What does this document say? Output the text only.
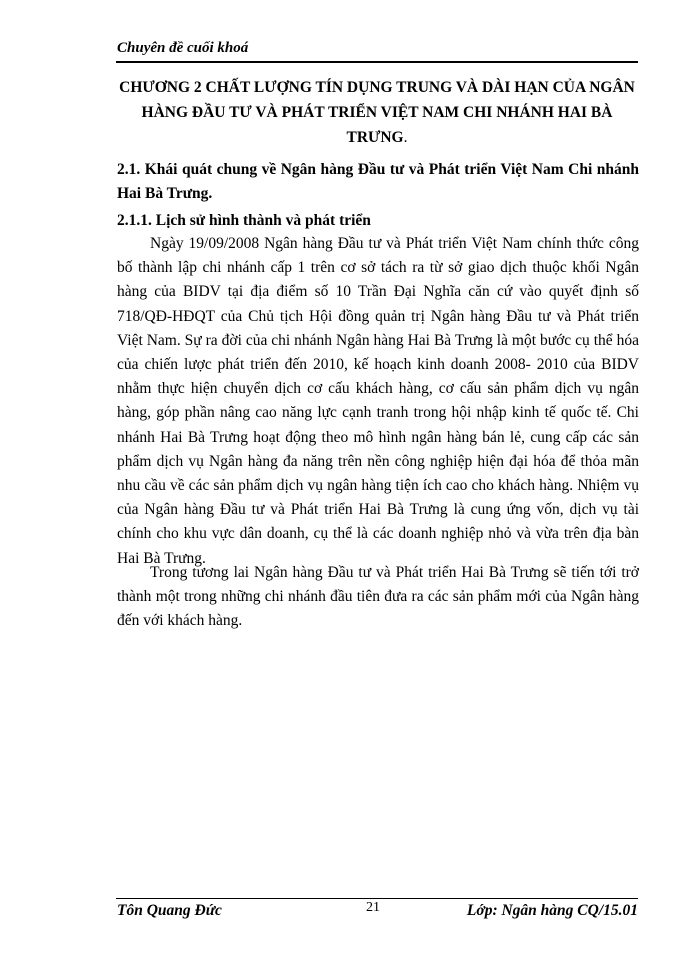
Chuyên đề cuối khoá
CHƯƠNG 2 CHẤT LƯỢNG TÍN DỤNG TRUNG VÀ DÀI HẠN CỦA NGÂN HÀNG ĐẦU TƯ VÀ PHÁT TRIỂN VIỆT NAM CHI NHÁNH HAI BÀ TRƯNG.
2.1. Khái quát chung về Ngân hàng Đầu tư và Phát triển Việt Nam Chi nhánh Hai Bà Trưng.
2.1.1. Lịch sử hình thành và phát triển

Ngày 19/09/2008 Ngân hàng Đầu tư và Phát triển Việt Nam chính thức công bố thành lập chi nhánh cấp 1 trên cơ sở tách ra từ sở giao dịch thuộc khối Ngân hàng của BIDV tại địa điểm số 10 Trần Đại Nghĩa căn cứ vào quyết định số 718/QĐ-HĐQT của Chủ tịch Hội đồng quản trị Ngân hàng Đầu tư và Phát triển Việt Nam. Sự ra đời của chi nhánh Ngân hàng Hai Bà Trưng là một bước cụ thể hóa của chiến lược phát triển đến 2010, kế hoạch kinh doanh 2008- 2010 của BIDV nhằm thực hiện chuyển dịch cơ cấu khách hàng, cơ cấu sản phẩm dịch vụ ngân hàng, góp phần nâng cao năng lực cạnh tranh trong hội nhập kinh tế quốc tế. Chi nhánh Hai Bà Trưng hoạt động theo mô hình ngân hàng bán lẻ, cung cấp các sản phẩm dịch vụ Ngân hàng đa năng trên nền công nghiệp hiện đại hóa để thỏa mãn nhu cầu về các sản phẩm dịch vụ ngân hàng tiện ích cao cho khách hàng. Nhiệm vụ của Ngân hàng Đầu tư và Phát triển Hai Bà Trưng là cung ứng vốn, dịch vụ tài chính cho khu vực dân doanh, cụ thể là các doanh nghiệp nhỏ và vừa trên địa bàn Hai Bà Trưng.

Trong tương lai Ngân hàng Đầu tư và Phát triển Hai Bà Trưng sẽ tiến tới trở thành một trong những chi nhánh đầu tiên đưa ra các sản phẩm mới của Ngân hàng đến với khách hàng.

Tôn Quang Đức	21	Lớp: Ngân hàng CQ/15.01
